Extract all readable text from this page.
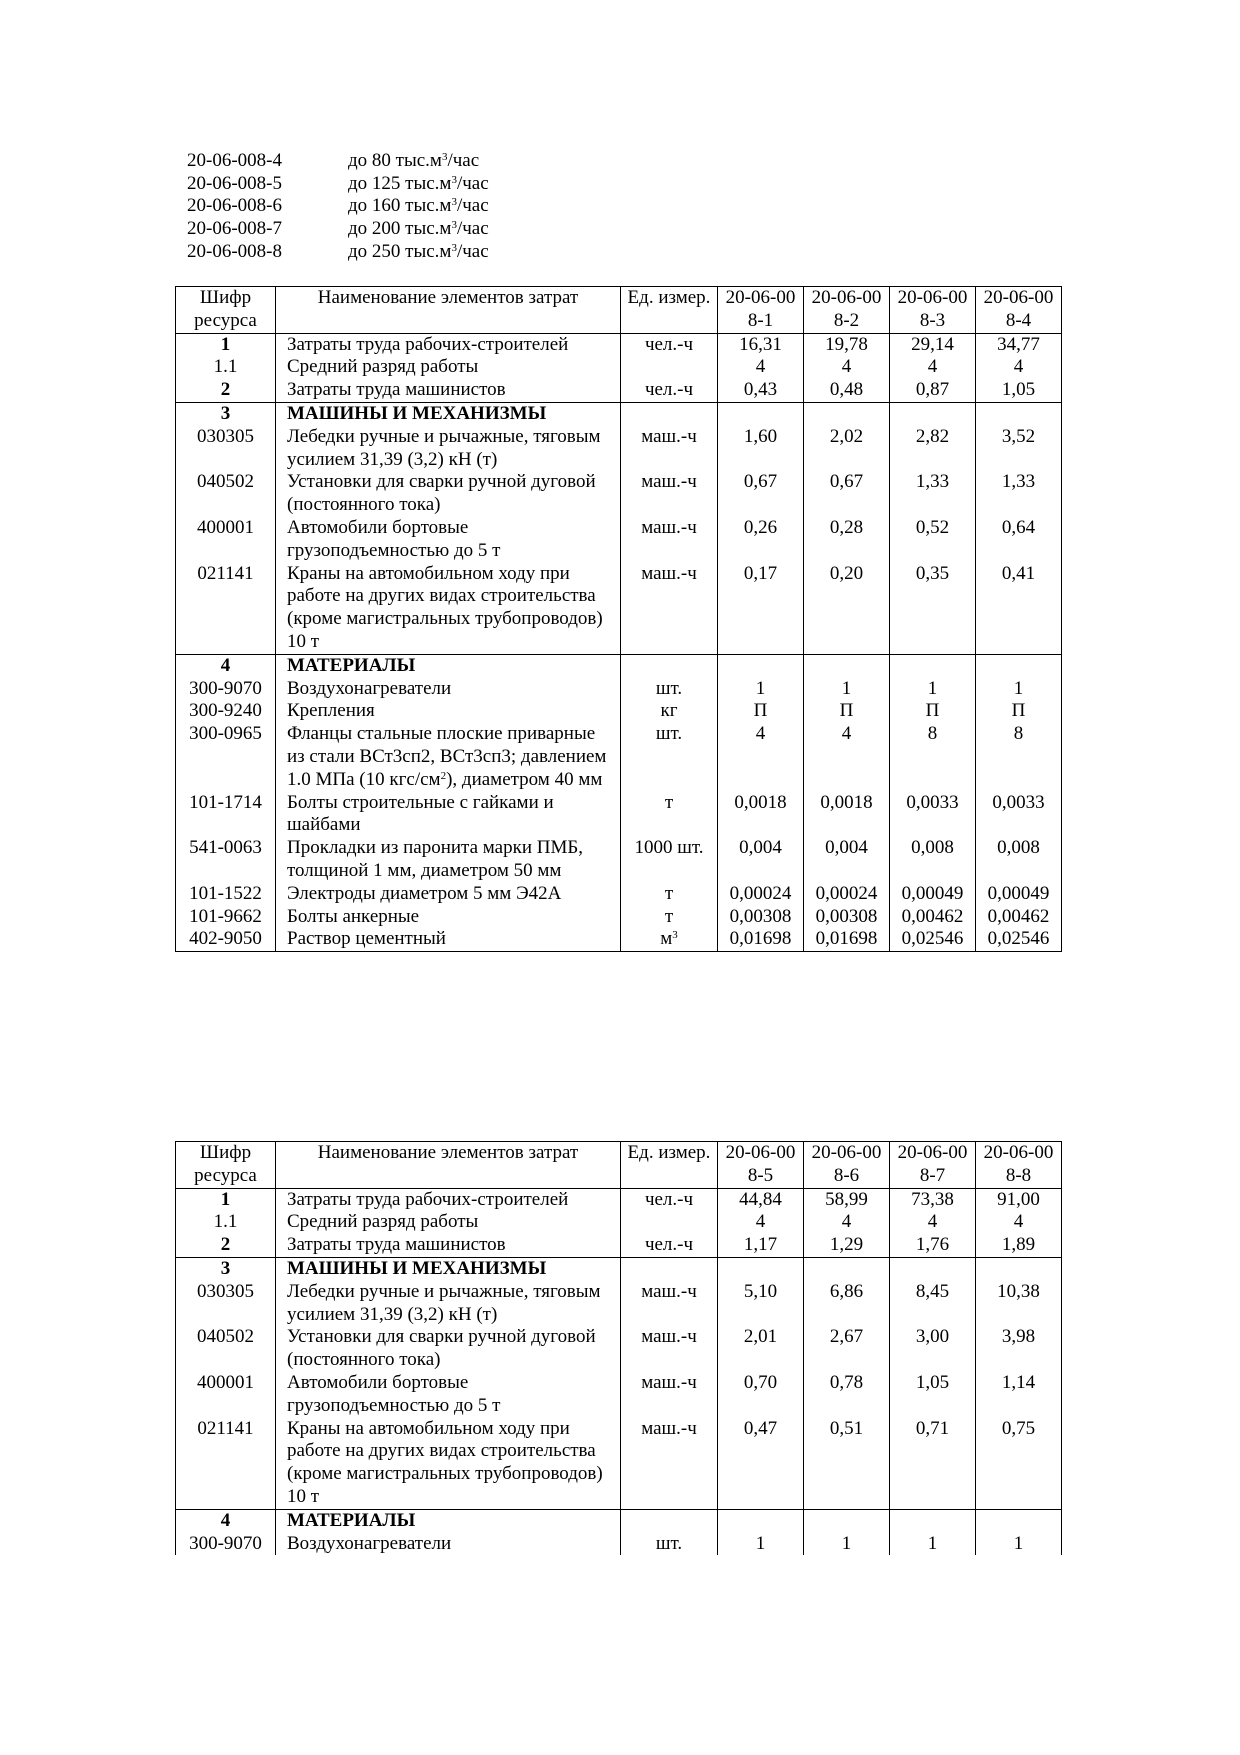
20-06-008-4	до 80 $тыс.м^3$/час
20-06-008-5	до 125 $тыс.м^3$/час
20-06-008-6	до 160 $тыс.м^3$/час
20-06-008-7	до 200 $тыс.м^3$/час
20-06-008-8	до 250 $тыс.м^3$/час
Шифр ресурса	Наименование элементов затрат	Ед. измер.	20-06-008-1	20-06-008-2	20-06-008-3	20-06-008-4
1	Затраты труда рабочих-строителей	чел.-ч	16,31	19,78	29,14	34,77
1.1	Средний разряд работы		4	4	4	4
2	Затраты труда машинистов	чел.-ч	0,43	0,48	0,87	1,05
3	МАШИНЫ И МЕХАНИЗМЫ					
030305	Лебедки ручные и рычажные, тяговым усилием 31,39 (3,2) кН (т)	маш.-ч	1,60	2,02	2,82	3,52
040502	Установки для сварки ручной дуговой (постоянного тока)	маш.-ч	0,67	0,67	1,33	1,33
400001	Автомобили бортовые грузоподъемностью до 5 т	маш.-ч	0,26	0,28	0,52	0,64
021141	Краны на автомобильном ходу при работе на других видах строительства (кроме магистральных трубопроводов) 10 т	маш.-ч	0,17	0,20	0,35	0,41
4	МАТЕРИАЛЫ					
300-9070	Воздухонагреватели	шт.	1	1	1	1
300-9240	Крепления	кг	П	П	П	П
300-0965	Фланцы стальные плоские приварные из стали ВСт3сп2, ВСт3сп3; давлением 1.0 МПа (10 кгс/$см^2$), диаметром 40 мм	шт.	4	4	8	8
101-1714	Болты строительные с гайками и шайбами	т	0,0018	0,0018	0,0033	0,0033
541-0063	Прокладки из паронита марки ПМБ, толщиной 1 мм, диаметром 50 мм	1000 шт.	0,004	0,004	0,008	0,008
101-1522	Электроды диаметром 5 мм Э42А	т	0,00024	0,00024	0,00049	0,00049
101-9662	Болты анкерные	т	0,00308	0,00308	0,00462	0,00462
402-9050	Раствор цементный	$м^3$	0,01698	0,01698	0,02546	0,02546
Шифр ресурса	Наименование элементов затрат	Ед. измер.	20-06-008-5	20-06-008-6	20-06-008-7	20-06-008-8
1	Затраты труда рабочих-строителей	чел.-ч	44,84	58,99	73,38	91,00
1.1	Средний разряд работы		4	4	4	4
2	Затраты труда машинистов	чел.-ч	1,17	1,29	1,76	1,89
3	МАШИНЫ И МЕХАНИЗМЫ					
030305	Лебедки ручные и рычажные, тяговым усилием 31,39 (3,2) кН (т)	маш.-ч	5,10	6,86	8,45	10,38
040502	Установки для сварки ручной дуговой (постоянного тока)	маш.-ч	2,01	2,67	3,00	3,98
400001	Автомобили бортовые грузоподъемностью до 5 т	маш.-ч	0,70	0,78	1,05	1,14
021141	Краны на автомобильном ходу при работе на других видах строительства (кроме магистральных трубопроводов) 10 т	маш.-ч	0,47	0,51	0,71	0,75
4	МАТЕРИАЛЫ					
300-9070	Воздухонагреватели	шт.	1	1	1	1
